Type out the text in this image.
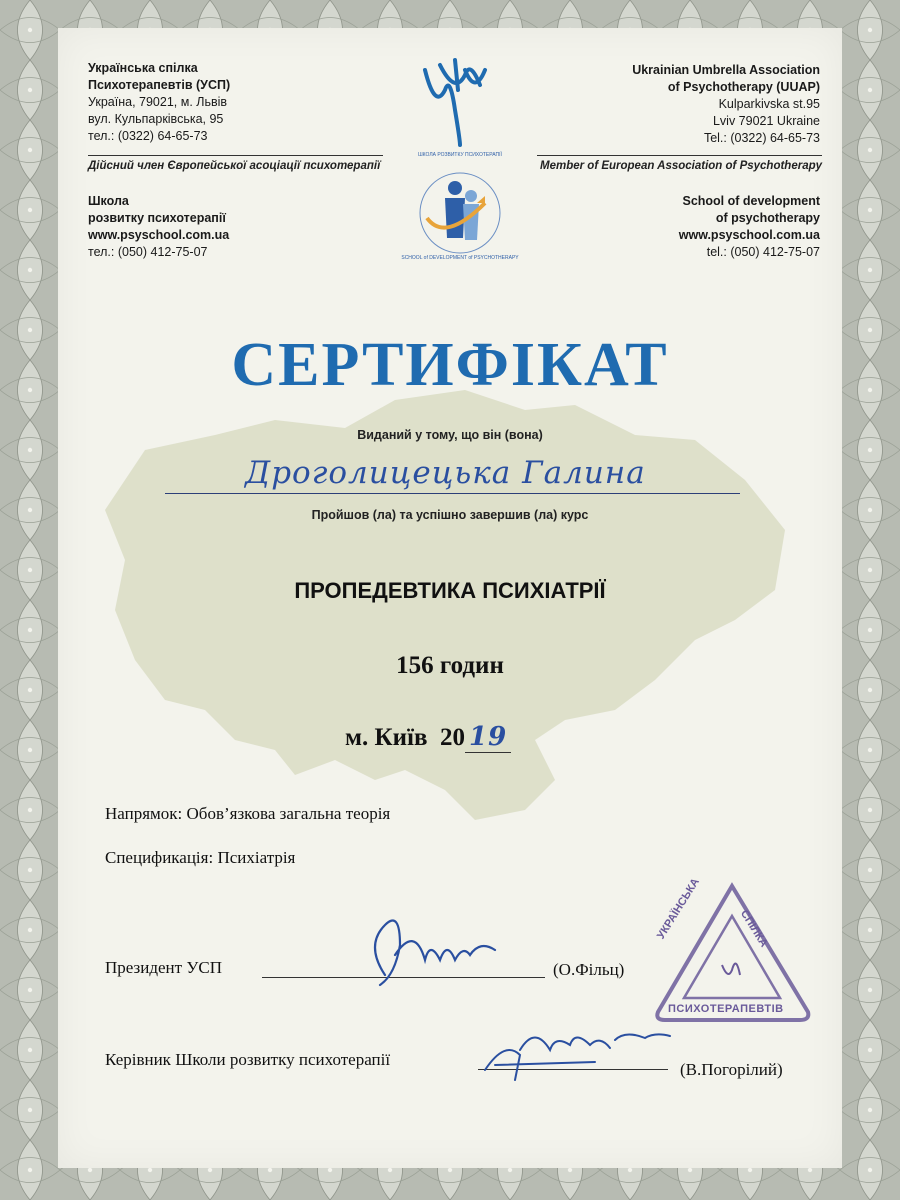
Українська спілка
Психотерапевтів (УСП)
Україна, 79021, м. Львів
вул. Кульпарківська, 95
тел.: (0322) 64-65-73
Дійсний член Європейської асоціації психотерапії
Школа
розвитку психотерапії
www.psyschool.com.ua
тел.: (050) 412-75-07
Ukrainian Umbrella Association
of Psychotherapy (UUAP)
Kulparkivska st.95
Lviv 79021 Ukraine
Tel.: (0322) 64-65-73
Member of European Association of Psychotherapy
School of development
of psychotherapy
www.psyschool.com.ua
tel.: (050) 412-75-07
ШКОЛА РОЗВИТКУ ПСИХОТЕРАПІЇ
SCHOOL of DEVELOPMENT of PSYCHOTHERAPY
СЕРТИФІКАТ
Виданий у тому, що він (вона)
Дроголицецька Галина
Пройшов (ла) та успішно завершив (ла) курс
ПРОПЕДЕВТИКА ПСИХІАТРІЇ
156 годин
м. Київ  20 19
Напрямок: Обов’язкова загальна теорія
Спецификація: Психіатрія
Президент УСП	(О.Фільц)
Керівник Школи розвитку психотерапії
(В.Погорілий)
УКРАЇНСЬКА	СПІЛКА
ПСИХОТЕРАПЕВТІВ
